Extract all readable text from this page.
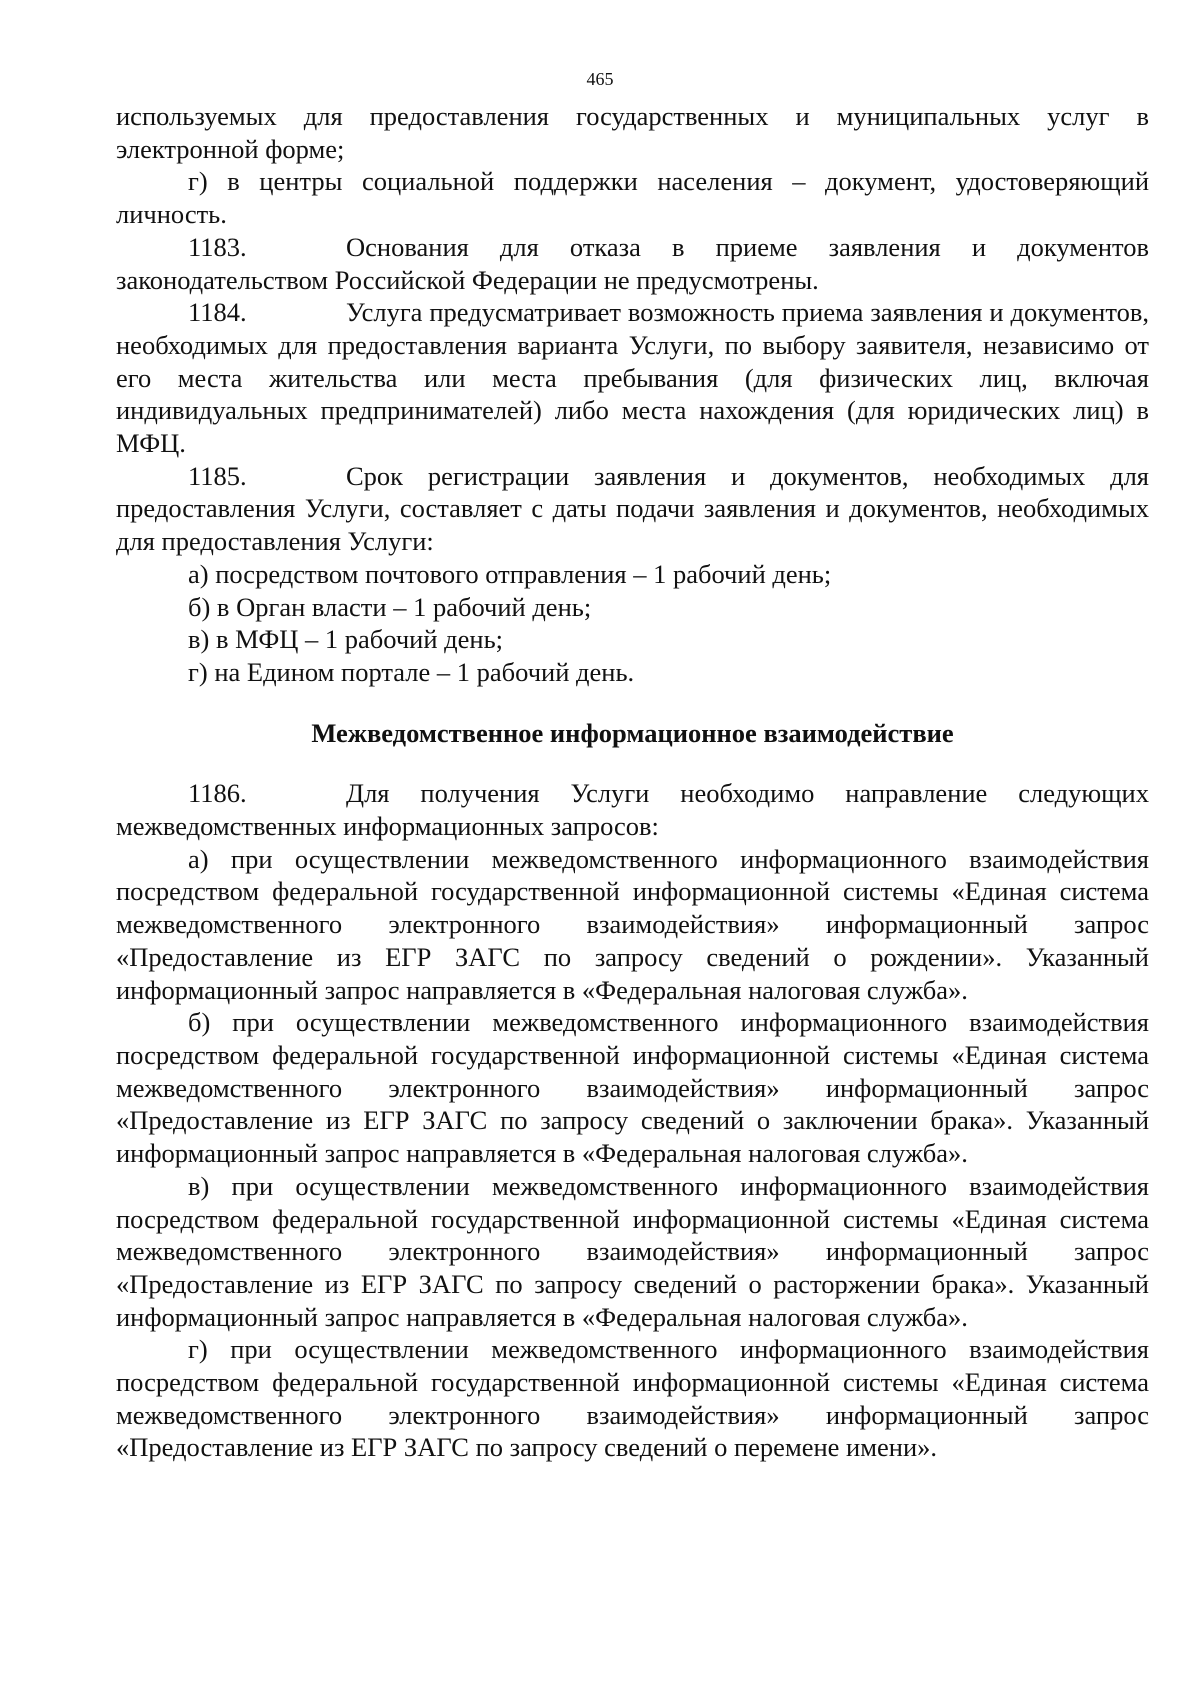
465

используемых для предоставления государственных и муниципальных услуг в электронной форме;

г) в центры социальной поддержки населения – документ, удостоверяющий личность.

1183.	Основания для отказа в приеме заявления и документов законодательством Российской Федерации не предусмотрены.

1184.	Услуга предусматривает возможность приема заявления и документов, необходимых для предоставления варианта Услуги, по выбору заявителя, независимо от его места жительства или места пребывания (для физических лиц, включая индивидуальных предпринимателей) либо места нахождения (для юридических лиц) в МФЦ.

1185.	Срок регистрации заявления и документов, необходимых для предоставления Услуги, составляет с даты подачи заявления и документов, необходимых для предоставления Услуги:

а) посредством почтового отправления – 1 рабочий день;

б) в Орган власти – 1 рабочий день;

в) в МФЦ – 1 рабочий день;

г) на Едином портале – 1 рабочий день.

Межведомственное информационное взаимодействие

1186.	Для получения Услуги необходимо направление следующих межведомственных информационных запросов:

а) при осуществлении межведомственного информационного взаимодействия посредством федеральной государственной информационной системы «Единая система межведомственного электронного взаимодействия» информационный запрос «Предоставление из ЕГР ЗАГС по запросу сведений о рождении». Указанный информационный запрос направляется в «Федеральная налоговая служба».

б) при осуществлении межведомственного информационного взаимодействия посредством федеральной государственной информационной системы «Единая система межведомственного электронного взаимодействия» информационный запрос «Предоставление из ЕГР ЗАГС по запросу сведений о заключении брака». Указанный информационный запрос направляется в «Федеральная налоговая служба».

в) при осуществлении межведомственного информационного взаимодействия посредством федеральной государственной информационной системы «Единая система межведомственного электронного взаимодействия» информационный запрос «Предоставление из ЕГР ЗАГС по запросу сведений о расторжении брака». Указанный информационный запрос направляется в «Федеральная налоговая служба».

г) при осуществлении межведомственного информационного взаимодействия посредством федеральной государственной информационной системы «Единая система межведомственного электронного взаимодействия» информационный запрос «Предоставление из ЕГР ЗАГС по запросу сведений о перемене имени».
